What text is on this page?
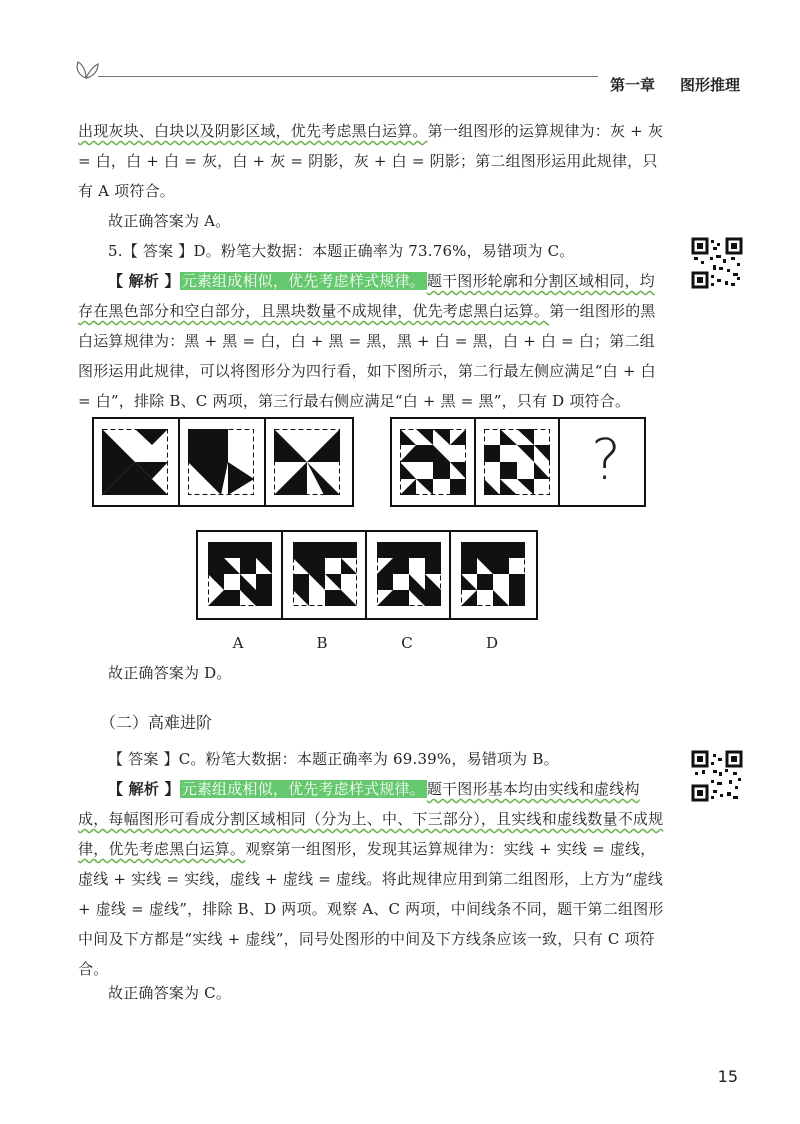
第一章 图形推理
出现灰块、白块以及阴影区域，优先考虑黑白运算。第一组图形的运算规律为：灰 + 灰 = 白，白 + 白 = 灰，白 + 灰 = 阴影，灰 + 白 = 阴影；第二组图形运用此规律，只有 A 项符合。
故正确答案为 A。
5.【 答案 】D。粉笔大数据：本题正确率为 73.76%，易错项为 C。
【 解析 】 元素组成相似，优先考虑样式规律。 题干图形轮廓和分割区域相同，均存在黑色部分和空白部分，且黑块数量不成规律，优先考虑黑白运算。第一组图形的黑白运算规律为：黑 + 黑 = 白，白 + 黑 = 黑，黑 + 白 = 黑，白 + 白 = 白；第二组图形运用此规律，可以将图形分为四行看，如下图所示，第二行最左侧应满足“白 + 白 = 白”，排除 B、C 两项，第三行最右侧应满足“白 + 黑 = 黑”，只有 D 项符合。
?
A	B	C	D
故正确答案为 D。
（二）高难进阶
【 答案 】C。粉笔大数据：本题正确率为 69.39%，易错项为 B。
【 解析 】 元素组成相似，优先考虑样式规律。 题干图形基本均由实线和虚线构成，每幅图形可看成分割区域相同（分为上、中、下三部分），且实线和虚线数量不成规律，优先考虑黑白运算。观察第一组图形，发现其运算规律为：实线 + 实线 = 虚线，虚线 + 实线 = 实线，虚线 + 虚线 = 虚线。将此规律应用到第二组图形，上方为“虚线 + 虚线 = 虚线”，排除 B、D 两项。观察 A、C 两项，中间线条不同，题干第二组图形中间及下方都是“实线 + 虚线”，同号处图形的中间及下方线条应该一致，只有 C 项符合。
故正确答案为 C。
15
